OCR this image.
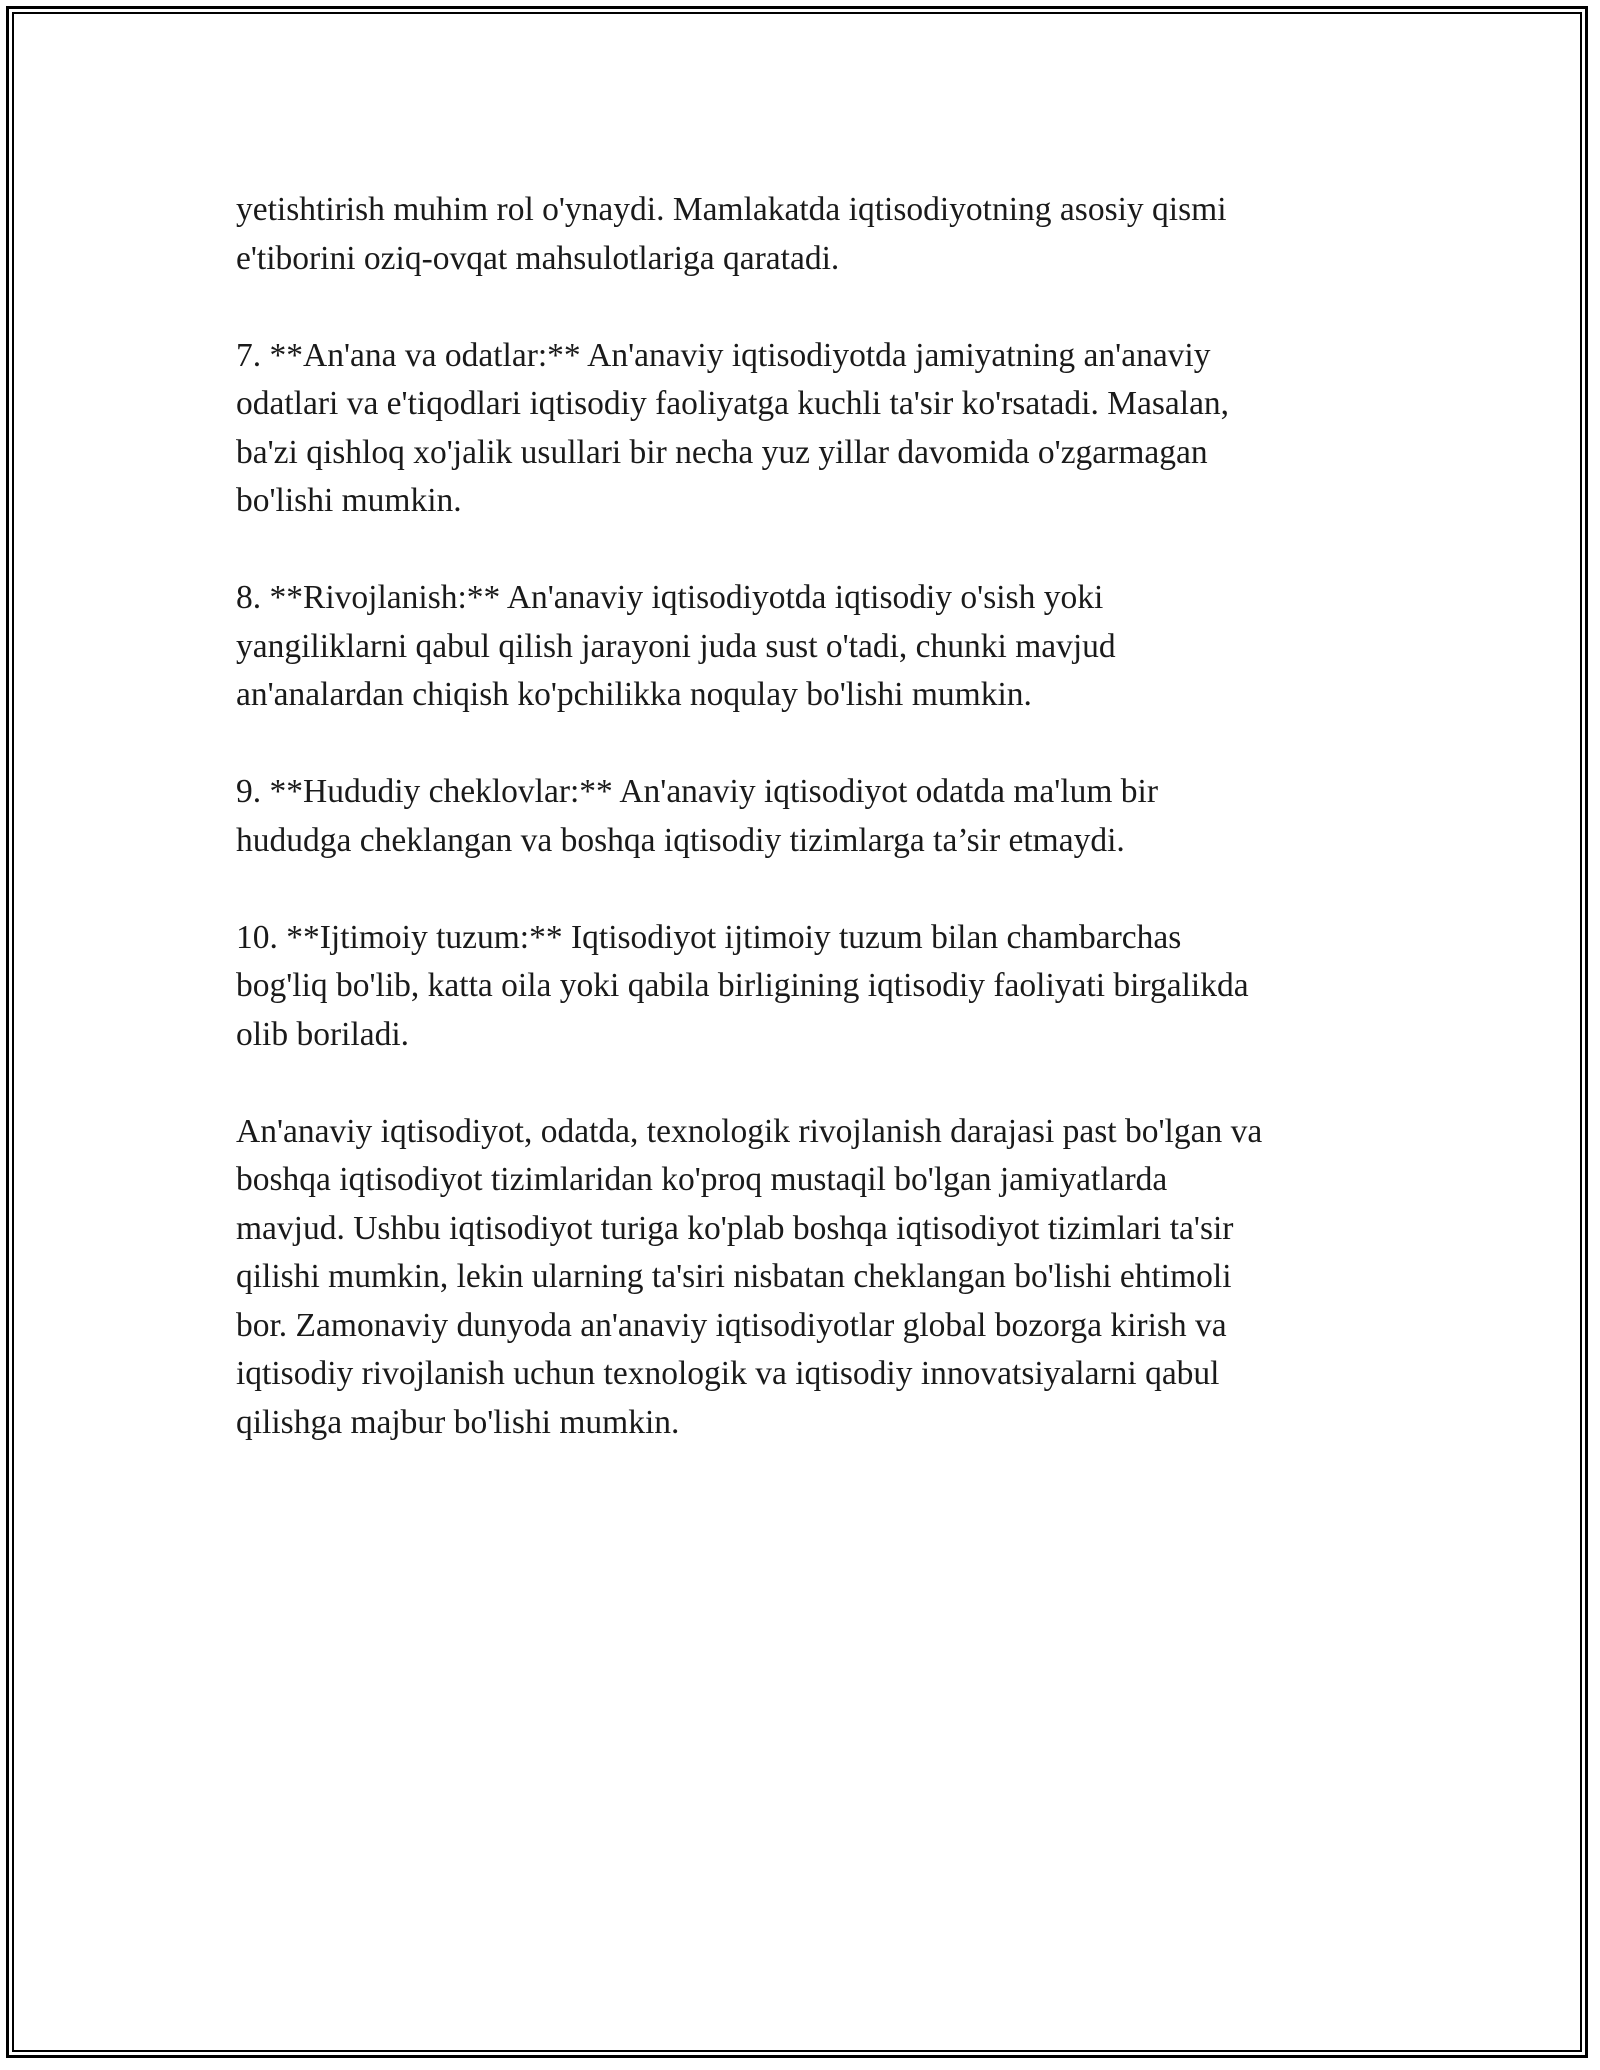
yetishtirish muhim rol o'ynaydi. Mamlakatda iqtisodiyotning asosiy qismi
e'tiborini oziq-ovqat mahsulotlariga qaratadi.

7. **An'ana va odatlar:** An'anaviy iqtisodiyotda jamiyatning an'anaviy
odatlari va e'tiqodlari iqtisodiy faoliyatga kuchli ta'sir ko'rsatadi. Masalan,
ba'zi qishloq xo'jalik usullari bir necha yuz yillar davomida o'zgarmagan
bo'lishi mumkin.

8. **Rivojlanish:** An'anaviy iqtisodiyotda iqtisodiy o'sish yoki
yangiliklarni qabul qilish jarayoni juda sust o'tadi, chunki mavjud
an'analardan chiqish ko'pchilikka noqulay bo'lishi mumkin.

9. **Hududiy cheklovlar:** An'anaviy iqtisodiyot odatda ma'lum bir
hududga cheklangan va boshqa iqtisodiy tizimlarga ta’sir etmaydi.

10. **Ijtimoiy tuzum:** Iqtisodiyot ijtimoiy tuzum bilan chambarchas
bog'liq bo'lib, katta oila yoki qabila birligining iqtisodiy faoliyati birgalikda
olib boriladi.

An'anaviy iqtisodiyot, odatda, texnologik rivojlanish darajasi past bo'lgan va
boshqa iqtisodiyot tizimlaridan ko'proq mustaqil bo'lgan jamiyatlarda
mavjud. Ushbu iqtisodiyot turiga ko'plab boshqa iqtisodiyot tizimlari ta'sir
qilishi mumkin, lekin ularning ta'siri nisbatan cheklangan bo'lishi ehtimoli
bor. Zamonaviy dunyoda an'anaviy iqtisodiyotlar global bozorga kirish va
iqtisodiy rivojlanish uchun texnologik va iqtisodiy innovatsiyalarni qabul
qilishga majbur bo'lishi mumkin.
